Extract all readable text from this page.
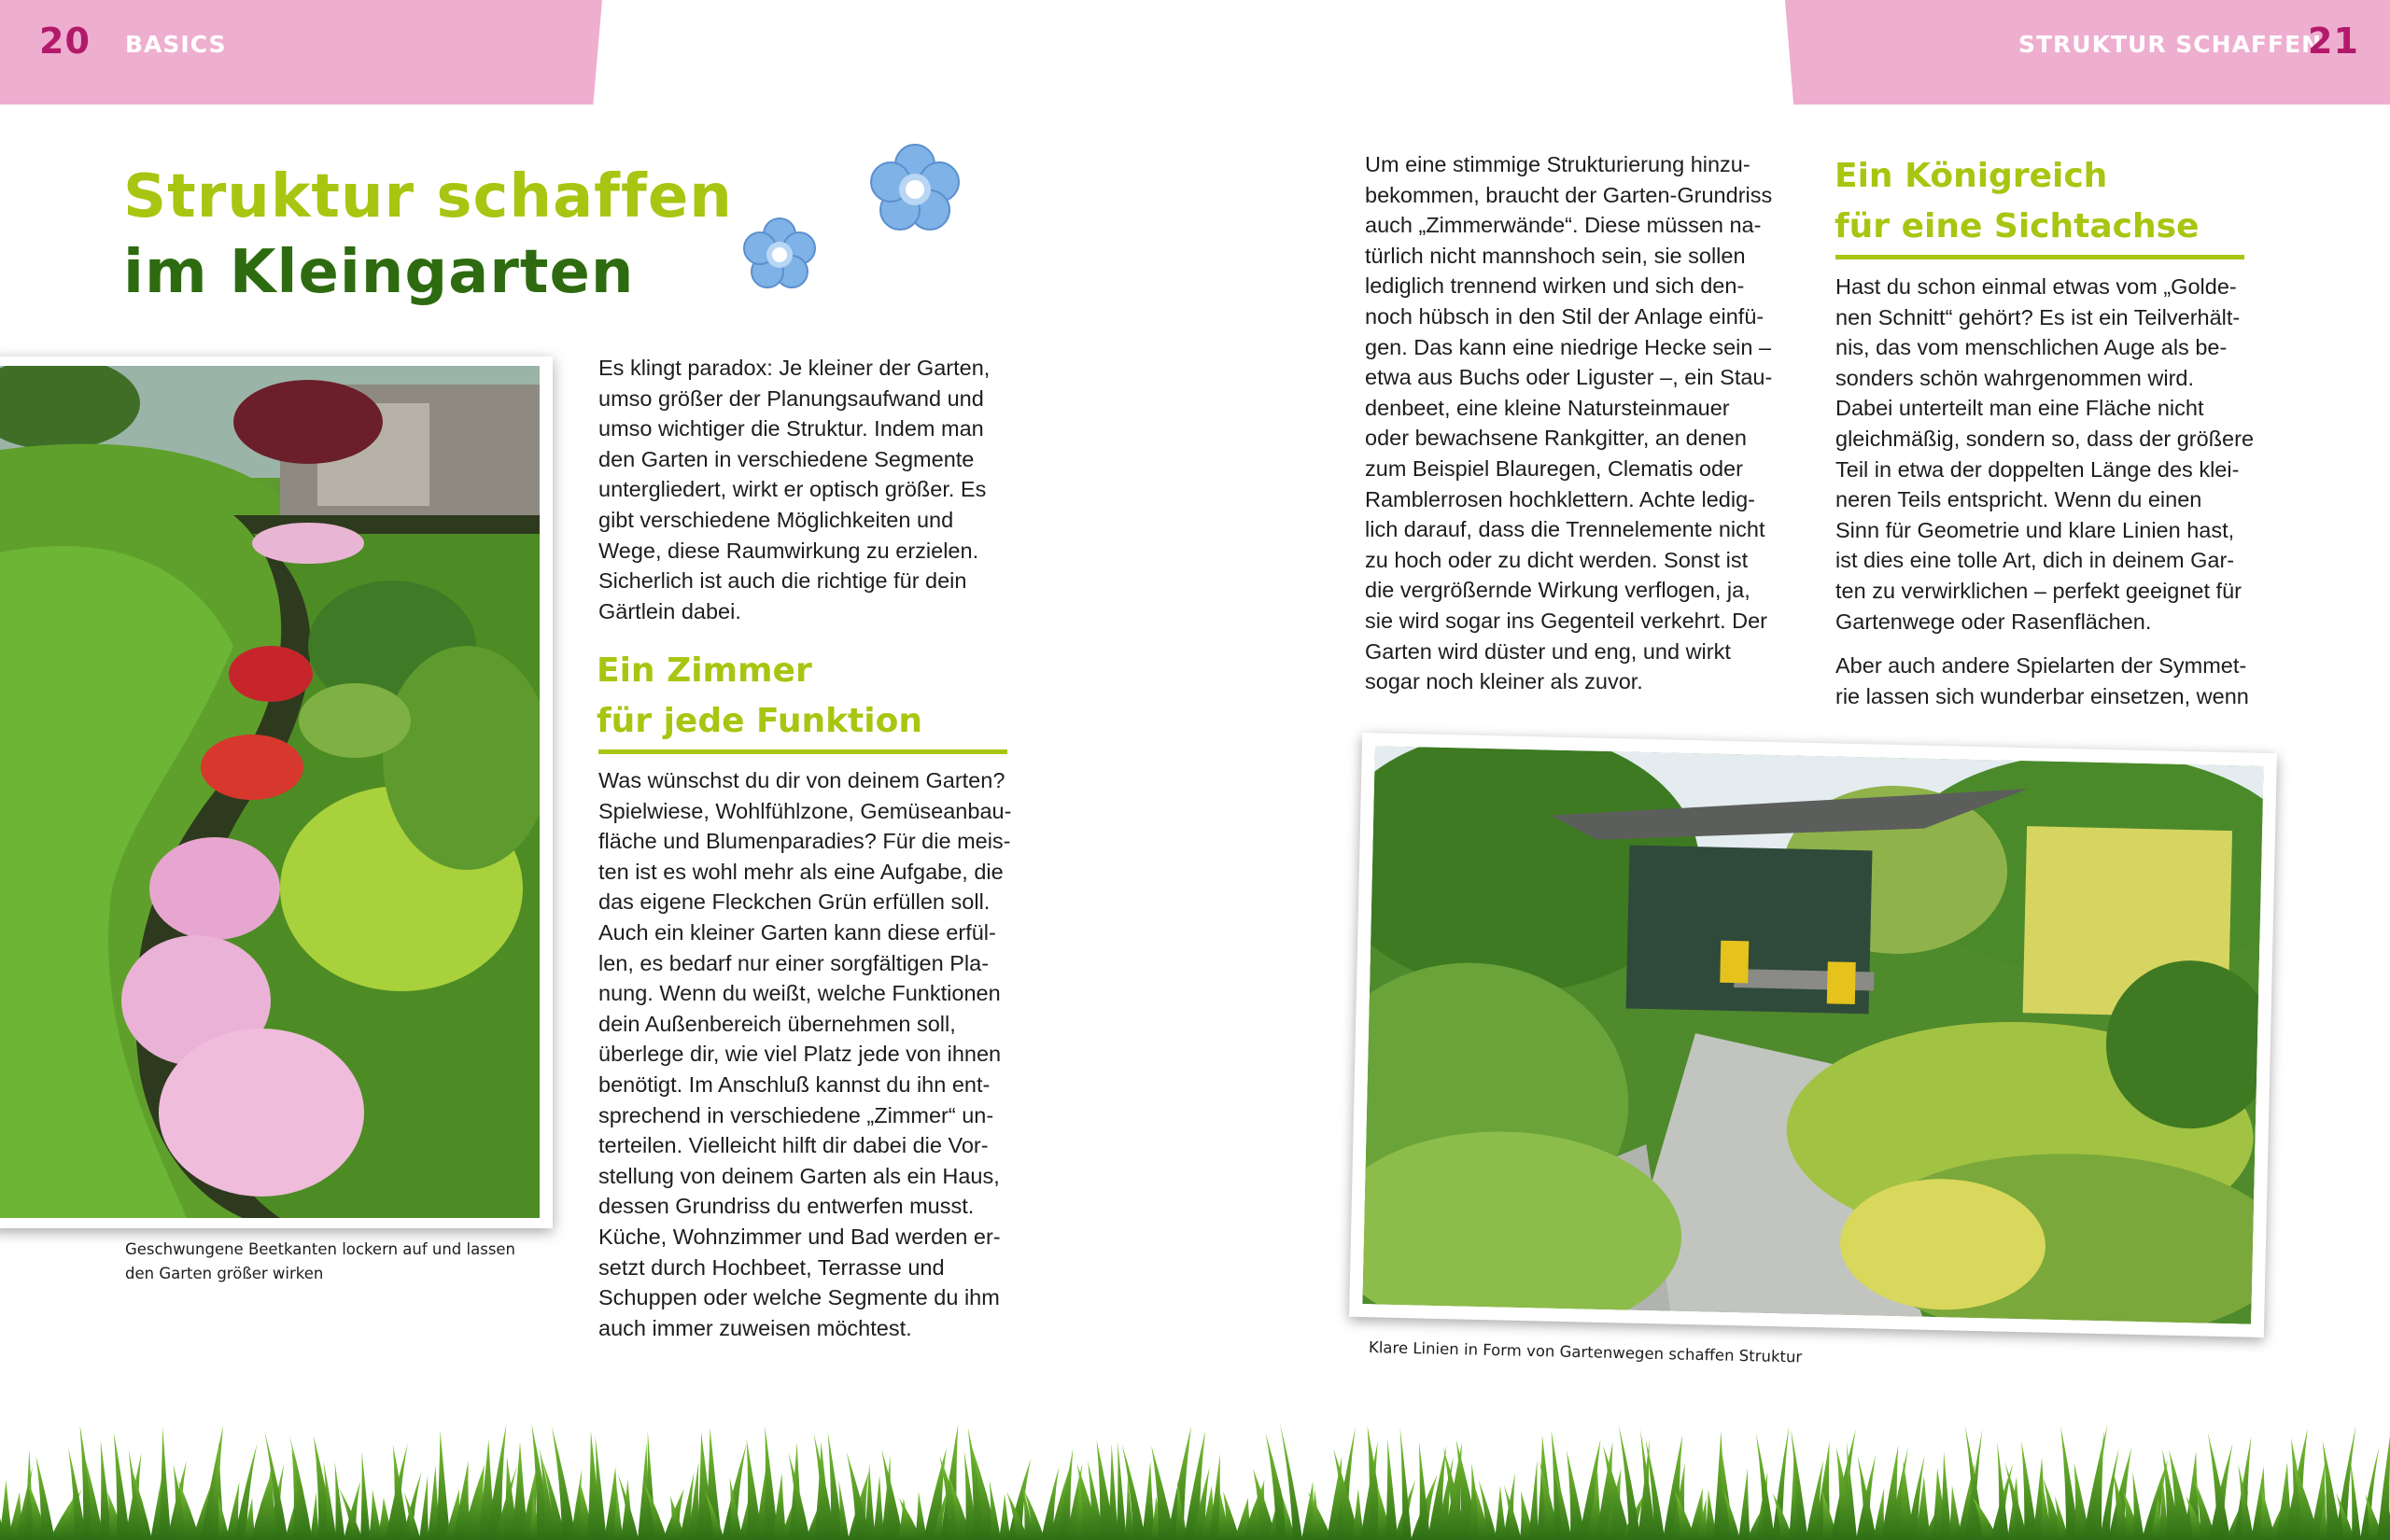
20 BASICS	STRUKTUR SCHAFFEN
21
Struktur schaffen
im Kleingarten
Geschwungene Beetkanten lockern auf und lassen
den Garten größer wirken
Es klingt paradox: Je kleiner der Garten,
umso größer der Planungsaufwand und
umso wichtiger die Struktur. Indem man
den Garten in verschiedene Segmente
untergliedert, wirkt er optisch größer. Es
gibt verschiedene Möglichkeiten und
Wege, diese Raumwirkung zu erzielen.
Sicherlich ist auch die richtige für dein
Gärtlein dabei.
Ein Zimmer
für jede Funktion
Was wünschst du dir von deinem Garten?
Spielwiese, Wohlfühlzone, Gemüseanbau-
fläche und Blumenparadies? Für die meis-
ten ist es wohl mehr als eine Aufgabe, die
das eigene Fleckchen Grün erfüllen soll.
Auch ein kleiner Garten kann diese erfül-
len, es bedarf nur einer sorgfältigen Pla-
nung. Wenn du weißt, welche Funktionen
dein Außenbereich übernehmen soll,
überlege dir, wie viel Platz jede von ihnen
benötigt. Im Anschluß kannst du ihn ent-
sprechend in verschiedene „Zimmer“ un-
terteilen. Vielleicht hilft dir dabei die Vor-
stellung von deinem Garten als ein Haus,
dessen Grundriss du entwerfen musst.
Küche, Wohnzimmer und Bad werden er-
setzt durch Hochbeet, Terrasse und
Schuppen oder welche Segmente du ihm
auch immer zuweisen möchtest.
Um eine stimmige Strukturierung hinzu-
bekommen, braucht der Garten-Grundriss
auch „Zimmerwände“. Diese müssen na-
türlich nicht mannshoch sein, sie sollen
lediglich trennend wirken und sich den-
noch hübsch in den Stil der Anlage einfü-
gen. Das kann eine niedrige Hecke sein –
etwa aus Buchs oder Liguster –, ein Stau-
denbeet, eine kleine Natursteinmauer
oder bewachsene Rankgitter, an denen
zum Beispiel Blauregen, Clematis oder
Ramblerrosen hochklettern. Achte ledig-
lich darauf, dass die Trennelemente nicht
zu hoch oder zu dicht werden. Sonst ist
die vergrößernde Wirkung verflogen, ja,
sie wird sogar ins Gegenteil verkehrt. Der
Garten wird düster und eng, und wirkt
sogar noch kleiner als zuvor.
Ein Königreich
für eine Sichtachse
Hast du schon einmal etwas vom „Golde-
nen Schnitt“ gehört? Es ist ein Teilverhält-
nis, das vom menschlichen Auge als be-
sonders schön wahrgenommen wird.
Dabei unterteilt man eine Fläche nicht
gleichmäßig, sondern so, dass der größere
Teil in etwa der doppelten Länge des klei-
neren Teils entspricht. Wenn du einen
Sinn für Geometrie und klare Linien hast,
ist dies eine tolle Art, dich in deinem Gar-
ten zu verwirklichen – perfekt geeignet für
Gartenwege oder Rasenflächen.
Aber auch andere Spielarten der Symmet-
rie lassen sich wunderbar einsetzen, wenn
Klare Linien in Form von Gartenwegen schaffen Struktur
